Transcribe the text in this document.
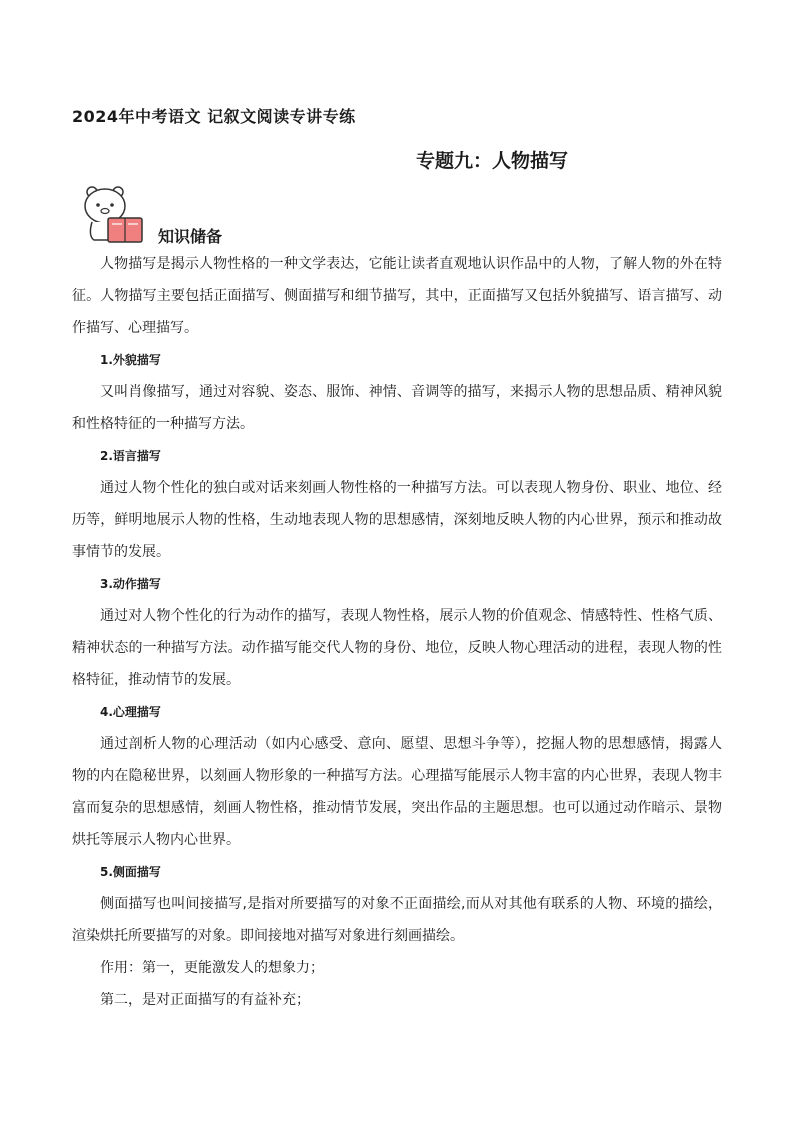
2024年中考语文 记叙文阅读专讲专练
专题九：人物描写
知识储备

人物描写是揭示人物性格的一种文学表达，它能让读者直观地认识作品中的人物，了解人物的外在特征。人物描写主要包括正面描写、侧面描写和细节描写，其中，正面描写又包括外貌描写、语言描写、动作描写、心理描写。

1.外貌描写

又叫肖像描写，通过对容貌、姿态、服饰、神情、音调等的描写，来揭示人物的思想品质、精神风貌和性格特征的一种描写方法。

2.语言描写

通过人物个性化的独白或对话来刻画人物性格的一种描写方法。可以表现人物身份、职业、地位、经历等，鲜明地展示人物的性格，生动地表现人物的思想感情，深刻地反映人物的内心世界，预示和推动故事情节的发展。

3.动作描写

通过对人物个性化的行为动作的描写，表现人物性格，展示人物的价值观念、情感特性、性格气质、精神状态的一种描写方法。动作描写能交代人物的身份、地位，反映人物心理活动的进程，表现人物的性格特征，推动情节的发展。

4.心理描写

通过剖析人物的心理活动（如内心感受、意向、愿望、思想斗争等），挖掘人物的思想感情，揭露人物的内在隐秘世界，以刻画人物形象的一种描写方法。心理描写能展示人物丰富的内心世界，表现人物丰富而复杂的思想感情，刻画人物性格，推动情节发展，突出作品的主题思想。也可以通过动作暗示、景物烘托等展示人物内心世界。

5.侧面描写

侧面描写也叫间接描写,是指对所要描写的对象不正面描绘,而从对其他有联系的人物、环境的描绘，渲染烘托所要描写的对象。即间接地对描写对象进行刻画描绘。

作用：第一，更能激发人的想象力；

第二，是对正面描写的有益补充；
